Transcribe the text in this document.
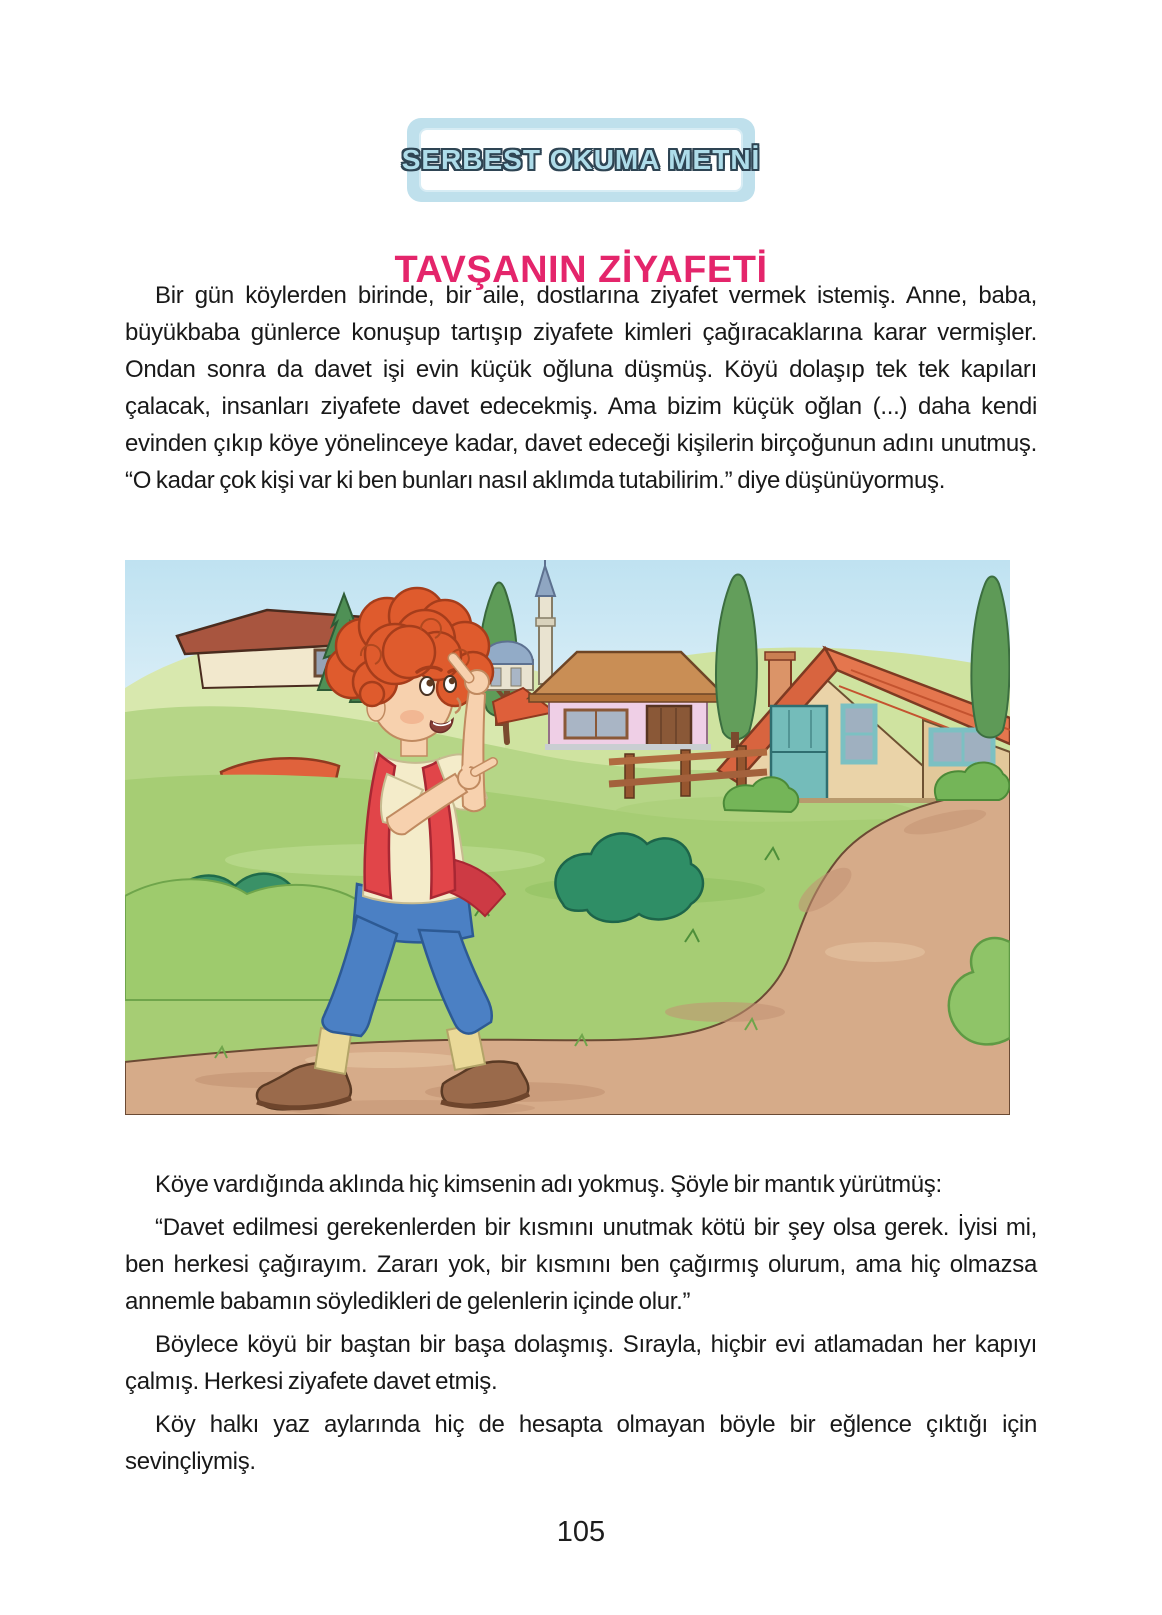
SERBEST OKUMA METNİ
TAVŞANIN ZİYAFETİ

Bir gün köylerden birinde, bir aile, dostlarına ziyafet vermek istemiş. Anne, baba, büyükbaba günlerce konuşup tartışıp ziyafete kimleri çağıracaklarına karar vermişler. Ondan sonra da davet işi evin küçük oğluna düşmüş. Köyü dolaşıp tek tek kapıları çalacak, insanları ziyafete davet edecekmiş. Ama bizim küçük oğlan (...) daha kendi evinden çıkıp köye yönelinceye kadar, davet edeceği kişilerin birçoğunun adını unutmuş. “O kadar çok kişi var ki ben bunları nasıl aklımda tutabilirim.” diye düşünüyormuş.

Köye vardığında aklında hiç kimsenin adı yokmuş. Şöyle bir mantık yürütmüş:

“Davet edilmesi gerekenlerden bir kısmını unutmak kötü bir şey olsa gerek. İyisi mi, ben herkesi çağırayım. Zararı yok, bir kısmını ben çağırmış olurum, ama hiç olmazsa annemle babamın söyledikleri de gelenlerin içinde olur.”

Böylece köyü bir baştan bir başa dolaşmış. Sırayla, hiçbir evi atlamadan her kapıyı çalmış. Herkesi ziyafete davet etmiş.

Köy halkı yaz aylarında hiç de hesapta olmayan böyle bir eğlence çıktığı için sevinçliymiş.

105
